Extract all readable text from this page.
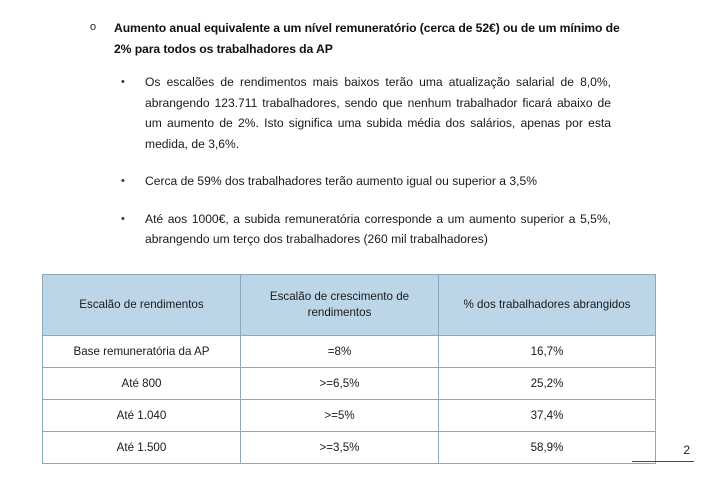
o	Aumento anual equivalente a um nível remuneratório (cerca de 52€) ou de um mínimo de 2% para todos os trabalhadores da AP
•	Os escalões de rendimentos mais baixos terão uma atualização salarial de 8,0%, abrangendo 123.711 trabalhadores, sendo que nenhum trabalhador ficará abaixo de um aumento de 2%. Isto significa uma subida média dos salários, apenas por esta medida, de 3,6%.
•	Cerca de 59% dos trabalhadores terão aumento igual ou superior a 3,5%
•	Até aos 1000€, a subida remuneratória corresponde a um aumento superior a 5,5%, abrangendo um terço dos trabalhadores (260 mil trabalhadores)
Escalão de rendimentos	Escalão de crescimento de rendimentos	% dos trabalhadores abrangidos
Base remuneratória da AP	=8%	16,7%
Até 800	>=6,5%	25,2%
Até 1.040	>=5%	37,4%
Até 1.500	>=3,5%	58,9%	2
